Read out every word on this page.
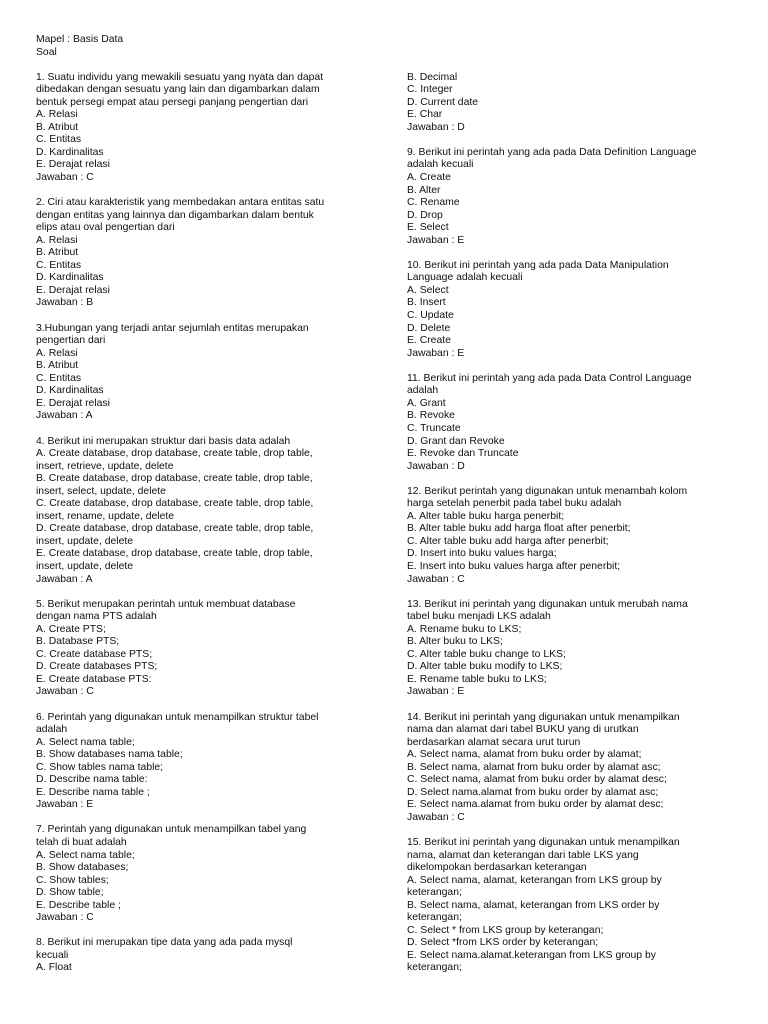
Mapel : Basis Data
Soal
1. Suatu individu yang mewakili sesuatu yang nyata dan dapat
dibedakan dengan sesuatu yang lain dan digambarkan dalam
bentuk persegi empat atau persegi panjang pengertian dari
A. Relasi
B. Atribut
C. Entitas
D. Kardinalitas
E. Derajat relasi
Jawaban : C
2. Ciri atau karakteristik yang membedakan antara entitas satu
dengan entitas yang lainnya dan digambarkan dalam bentuk
elips atau oval pengertian dari
A. Relasi
B. Atribut
C. Entitas
D. Kardinalitas
E. Derajat relasi
Jawaban : B
3.Hubungan yang terjadi antar sejumlah entitas merupakan
pengertian dari
A. Relasi
B. Atribut
C. Entitas
D. Kardinalitas
E. Derajat relasi
Jawaban : A
4. Berikut ini merupakan struktur dari basis data adalah
A. Create database, drop database, create table, drop table,
insert, retrieve, update, delete
B. Create database, drop database, create table, drop table,
insert, select, update, delete
C. Create database, drop database, create table, drop table,
insert, rename, update, delete
D. Create database, drop database, create table, drop table,
insert, update, delete
E. Create database, drop database, create table, drop table,
insert, update, delete
Jawaban : A
5. Berikut merupakan perintah untuk membuat database
dengan nama PTS adalah
A. Create PTS;
B. Database PTS;
C. Create database PTS;
D. Create databases PTS;
E. Create database PTS:
Jawaban : C
6. Perintah yang digunakan untuk menampilkan struktur tabel
adalah
A. Select nama table;
B. Show databases nama table;
C. Show tables nama table;
D. Describe nama table:
E. Describe nama table ;
Jawaban : E
7. Perintah yang digunakan untuk menampilkan tabel yang
telah di buat adalah
A. Select nama table;
B. Show databases;
C. Show tables;
D. Show table;
E. Describe table ;
Jawaban : C
8. Berikut ini merupakan tipe data yang ada pada mysql
kecuali
A. Float
B. Decimal
C. Integer
D. Current date
E. Char
Jawaban : D
9. Berikut ini perintah yang ada pada Data Definition Language
adalah kecuali
A. Create
B. Alter
C. Rename
D. Drop
E. Select
Jawaban : E
10. Berikut ini perintah yang ada pada Data Manipulation
Language adalah kecuali
A. Select
B. Insert
C. Update
D. Delete
E. Create
Jawaban : E
11. Berikut ini perintah yang ada pada Data Control Language
adalah
A. Grant
B. Revoke
C. Truncate
D. Grant dan Revoke
E. Revoke dan Truncate
Jawaban : D
12. Berikut perintah yang digunakan untuk menambah kolom
harga setelah penerbit pada tabel buku adalah
A. Alter table buku harga penerbit;
B. Alter table buku add harga float after penerbit;
C. Alter table buku add harga after penerbit;
D. Insert into buku values harga;
E. Insert into buku values harga after penerbit;
Jawaban : C
13. Berikut ini perintah yang digunakan untuk merubah nama
tabel buku menjadi LKS adalah
A. Rename buku to LKS;
B. Alter buku to LKS;
C. Alter table buku change to LKS;
D. Alter table buku modify to LKS;
E. Rename table buku to LKS;
Jawaban : E
14. Berikut ini perintah yang digunakan untuk menampilkan
nama dan alamat dari tabel BUKU yang di urutkan
berdasarkan alamat secara urut turun
A. Select nama, alamat from buku order by alamat;
B. Select nama, alamat from buku order by alamat asc;
C. Select nama, alamat from buku order by alamat desc;
D. Select nama.alamat from buku order by alamat asc;
E. Select nama.alamat from buku order by alamat desc;
Jawaban : C
15. Berikut ini perintah yang digunakan untuk menampilkan
nama, alamat dan keterangan dari table LKS yang
dikelompokan berdasarkan keterangan
A. Select nama, alamat, keterangan from LKS group by
keterangan;
B. Select nama, alamat, keterangan from LKS order by
keterangan;
C. Select * from LKS group by keterangan;
D. Select *from LKS order by keterangan;
E. Select nama.alamat.keterangan from LKS group by
keterangan;
